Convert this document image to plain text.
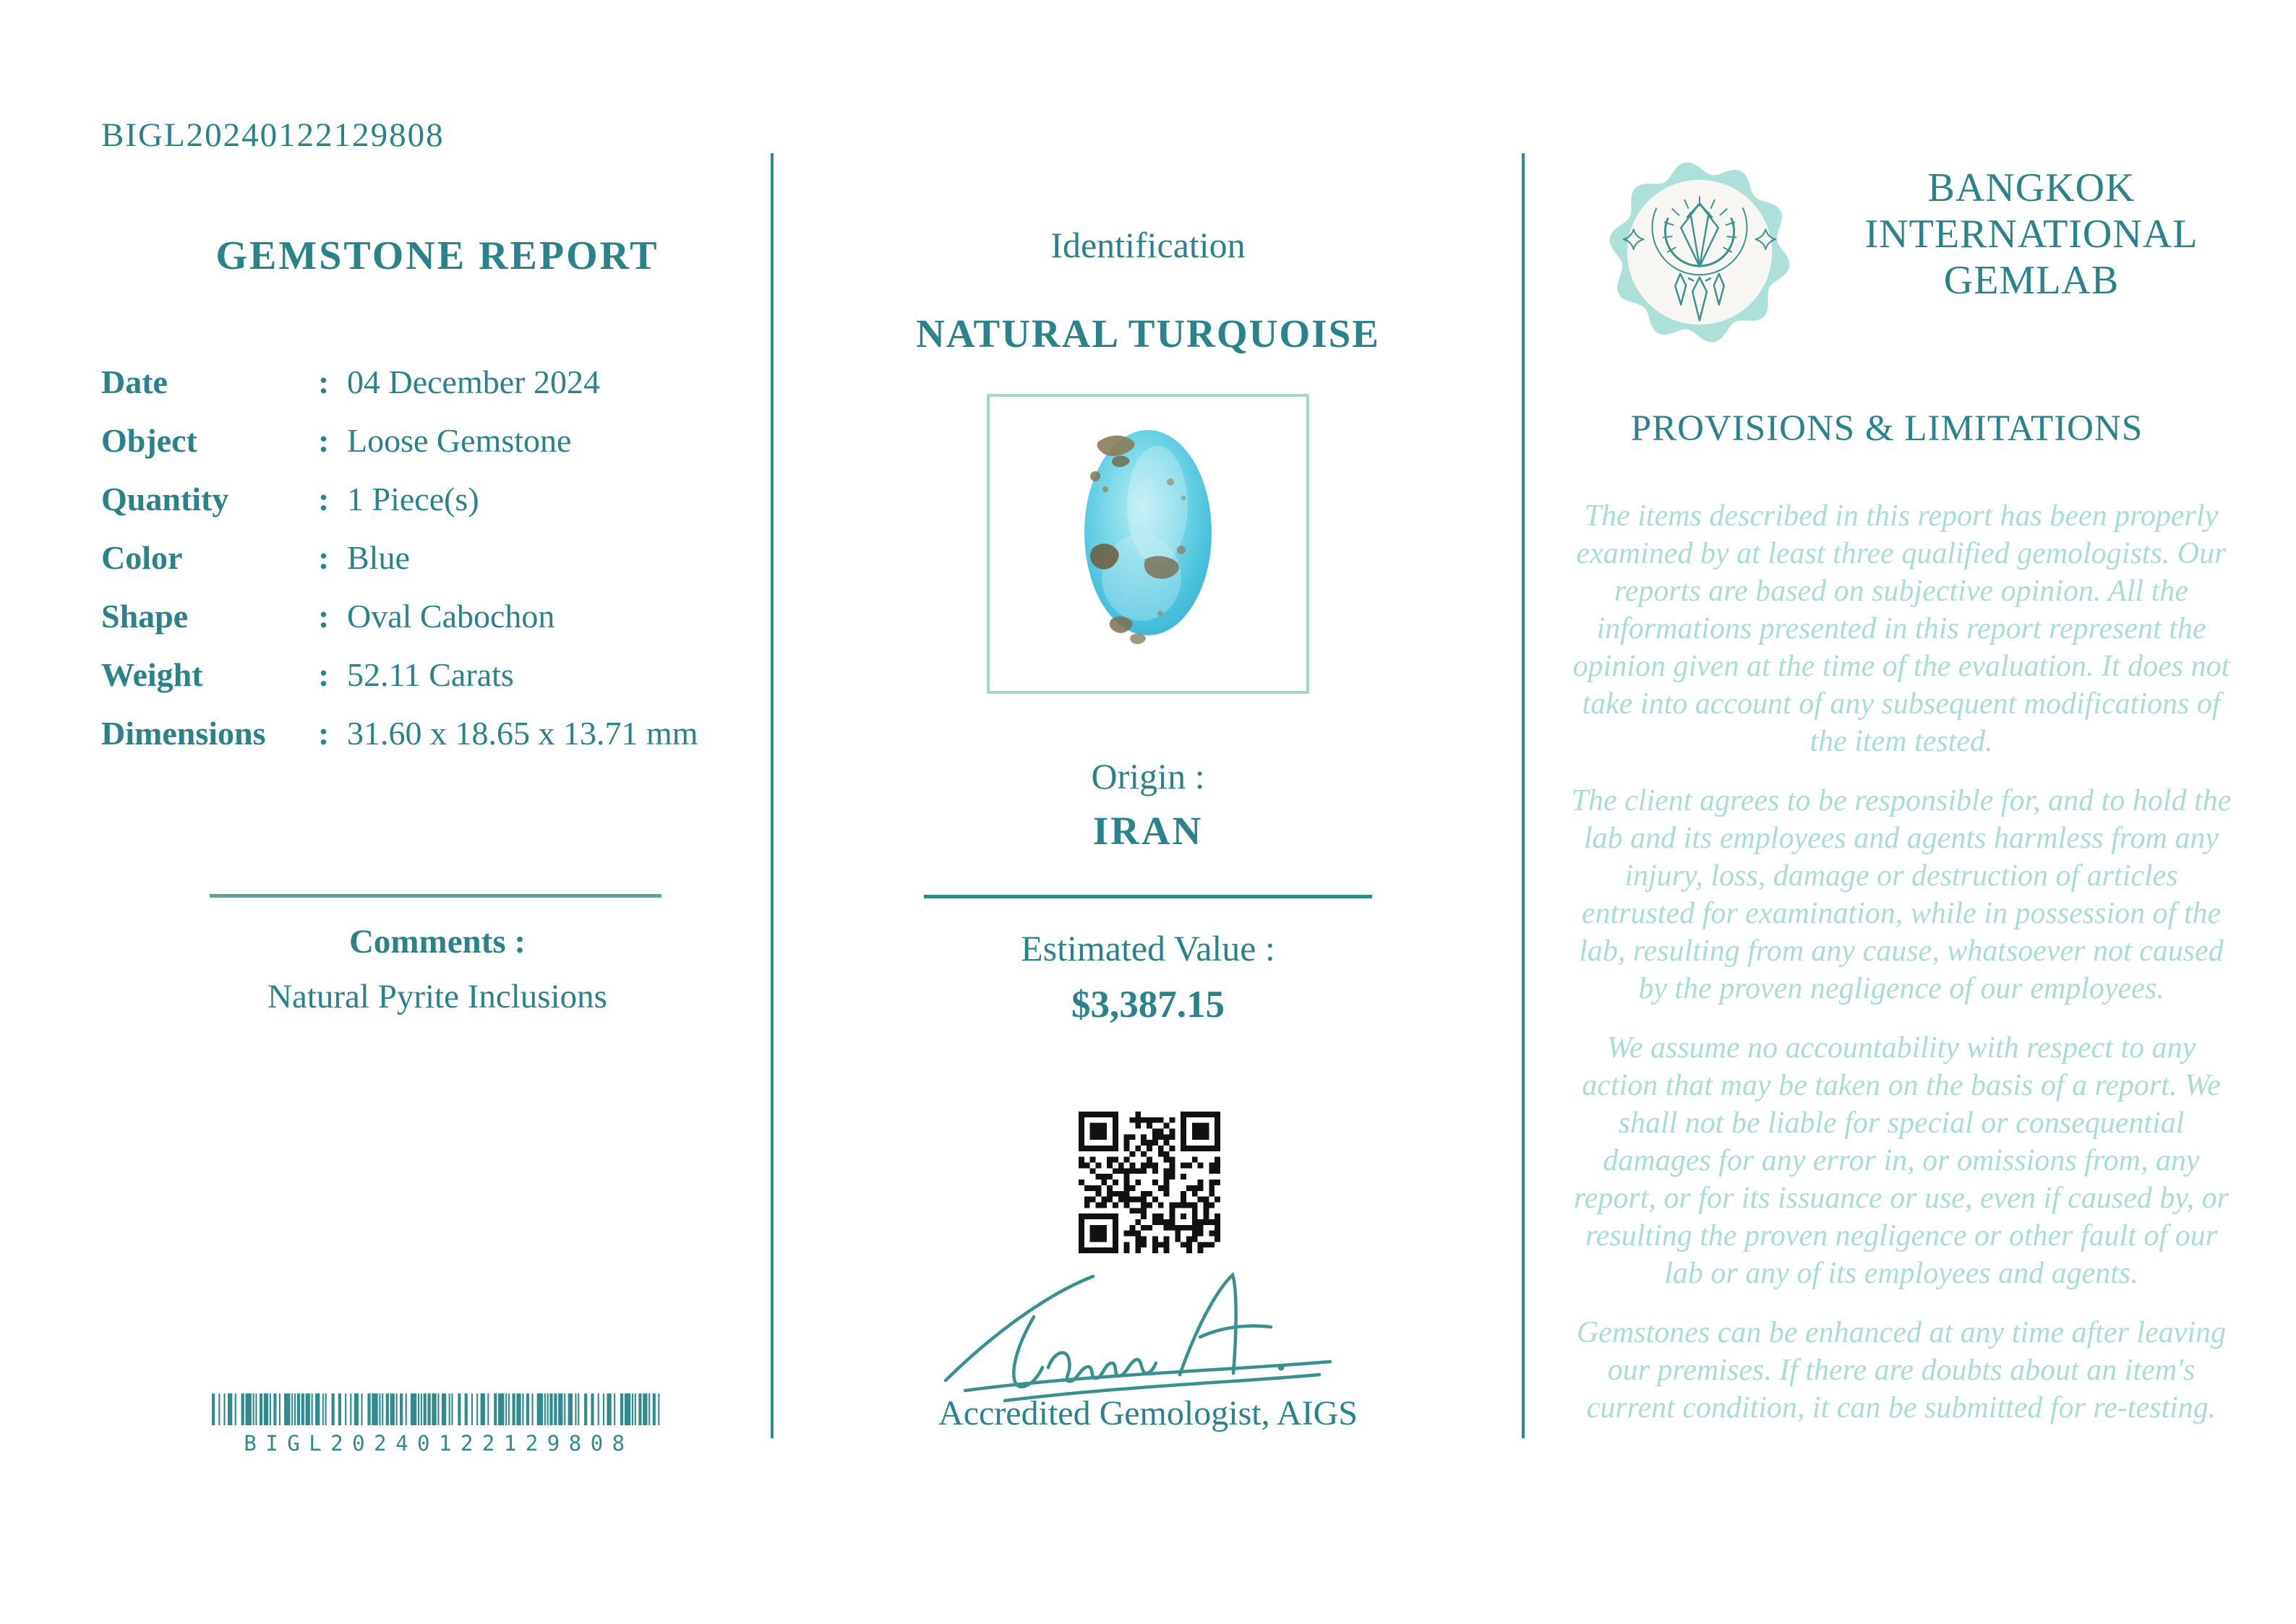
BIGL20240122129808
GEMSTONE REPORT
Date	: 04 December 2024
Object	: Loose Gemstone
Quantity	: 1 Piece(s)
Color	: Blue
Shape	: Oval Cabochon
Weight	: 52.11 Carats
Dimensions	: 31.60 x 18.65 x 13.71 mm
Comments :
Natural Pyrite Inclusions
BIGL20240122129808
Identification
NATURAL TURQUOISE
Origin :
IRAN
Estimated Value :
$3,387.15
Accredited Gemologist, AIGS
BANGKOK
INTERNATIONAL
GEMLAB
PROVISIONS & LIMITATIONS

The items described in this report has been properly examined by at least three qualified gemologists. Our reports are based on subjective opinion. All the informations presented in this report represent the opinion given at the time of the evaluation. It does not take into account of any subsequent modifications of the item tested.

The client agrees to be responsible for, and to hold the lab and its employees and agents harmless from any injury, loss, damage or destruction of articles entrusted for examination, while in possession of the lab, resulting from any cause, whatsoever not caused by the proven negligence of our employees.

We assume no accountability with respect to any action that may be taken on the basis of a report. We shall not be liable for special or consequential damages for any error in, or omissions from, any report, or for its issuance or use, even if caused by, or resulting the proven negligence or other fault of our lab or any of its employees and agents.

Gemstones can be enhanced at any time after leaving our premises. If there are doubts about an item's current condition, it can be submitted for re-testing.
